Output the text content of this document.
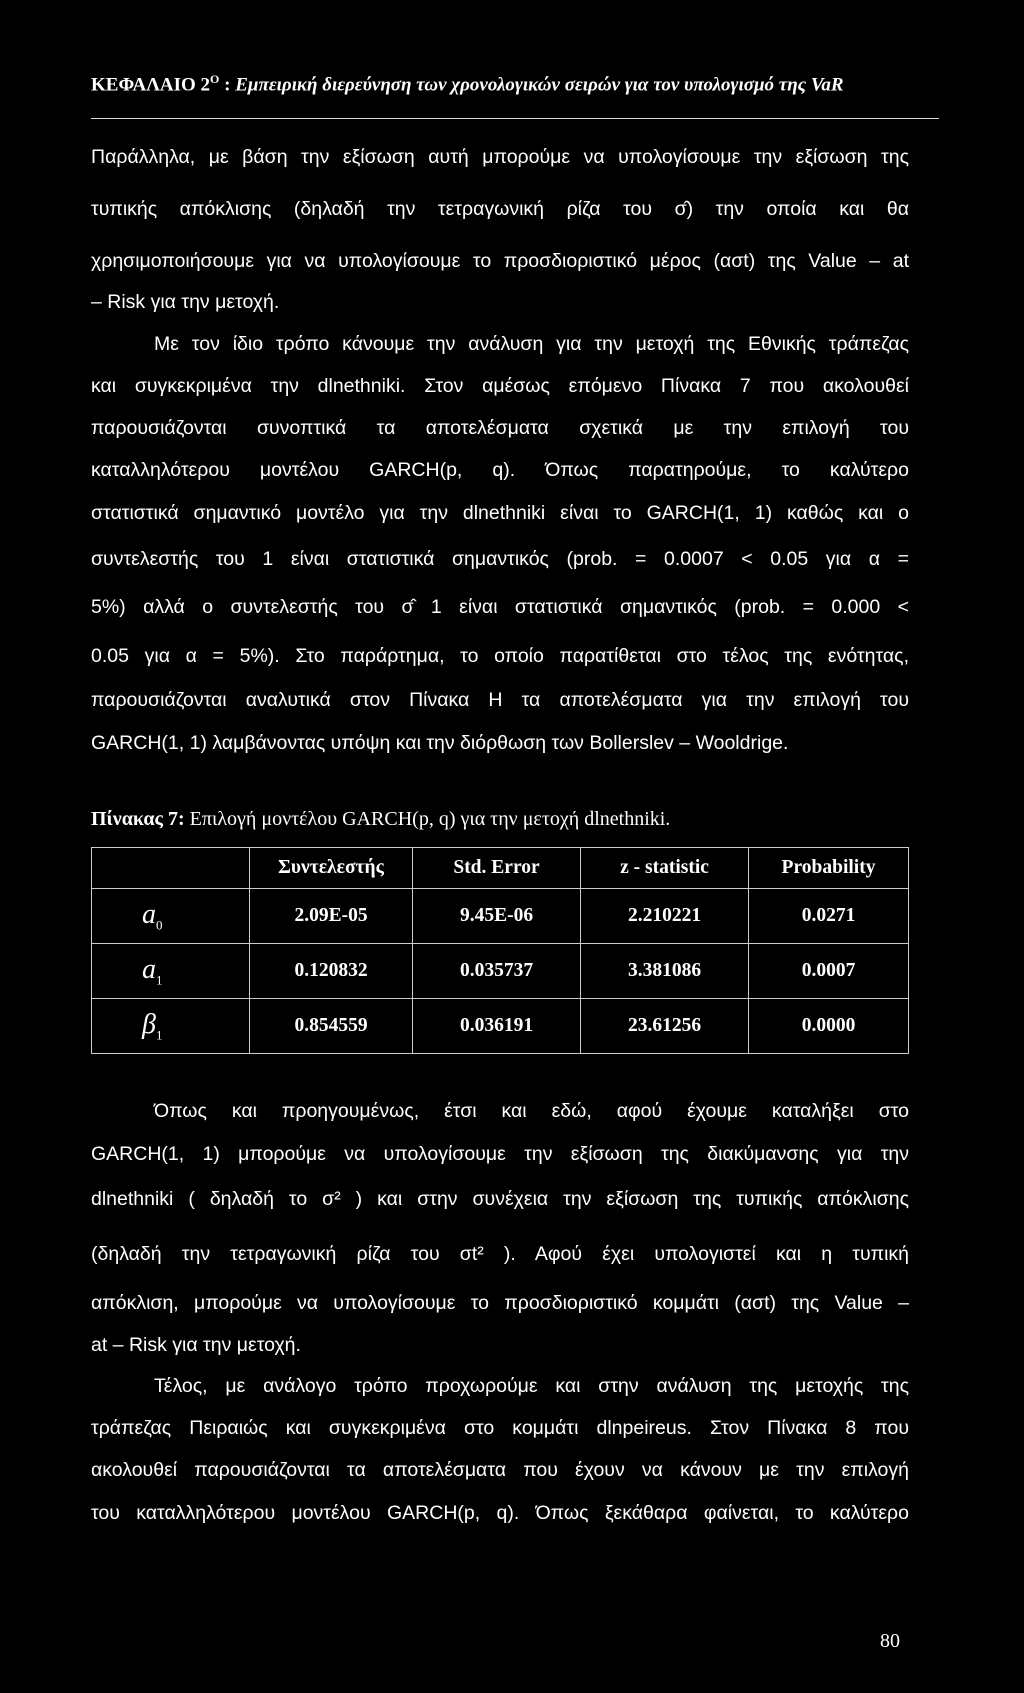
ΚΕΦΑΛΑΙΟ $2^O$ : Εμπειρική διερεύνηση των χρονολογικών σειρών για τον υπολογισμό της VaR
Παράλληλα, με βάση την εξίσωση αυτή μπορούμε να υπολογίσουμε την εξίσωση της
τυπικής απόκλισης (δηλαδή την τετραγωνική ρίζα του σ̂) την οποία και θα
χρησιμοποιήσουμε για να υπολογίσουμε το προσδιοριστικό μέρος (ασt) της Value – at
– Risk για την μετοχή.
Με τον ίδιο τρόπο κάνουμε την ανάλυση για την μετοχή της Εθνικής τράπεζας
και συγκεκριμένα την dlnethniki. Στον αμέσως επόμενο Πίνακα 7 που ακολουθεί
παρουσιάζονται συνοπτικά τα αποτελέσματα σχετικά με την επιλογή του
καταλληλότερου μοντέλου GARCH(p, q). Όπως παρατηρούμε, το καλύτερο
στατιστικά σημαντικό μοντέλο για την dlnethniki είναι το GARCH(1, 1) καθώς και ο
συντελεστής του 1 είναι στατιστικά σημαντικός (prob. = 0.0007 < 0.05 για α =
5%) αλλά ο συντελεστής του σ̂ 1 είναι στατιστικά σημαντικός (prob. = 0.000 <
0.05 για α = 5%). Στο παράρτημα, το οποίο παρατίθεται στο τέλος της ενότητας,
παρουσιάζονται αναλυτικά στον Πίνακα Η τα αποτελέσματα για την επιλογή του
GARCH(1, 1) λαμβάνοντας υπόψη και την διόρθωση των Bollerslev – Wooldrige.
Πίνακας 7: Επιλογή μοντέλου GARCH(p, q) για την μετοχή dlnethniki.
	Συντελεστής	Std. Error	z - statistic	Probability
$a_0$	2.09E-05	9.45E-06	2.210221	0.0271
$a_1$	0.120832	0.035737	3.381086	0.0007
$\beta_1$	0.854559	0.036191	23.61256	0.0000
Όπως και προηγουμένως, έτσι και εδώ, αφού έχουμε καταλήξει στο
GARCH(1, 1) μπορούμε να υπολογίσουμε την εξίσωση της διακύμανσης για την
dlnethniki ( δηλαδή το σ² ) και στην συνέχεια την εξίσωση της τυπικής απόκλισης
(δηλαδή την τετραγωνική ρίζα του σt² ). Αφού έχει υπολογιστεί και η τυπική
απόκλιση, μπορούμε να υπολογίσουμε το προσδιοριστικό κομμάτι (ασt) της Value –
at – Risk για την μετοχή.
Τέλος, με ανάλογο τρόπο προχωρούμε και στην ανάλυση της μετοχής της
τράπεζας Πειραιώς και συγκεκριμένα στο κομμάτι dlnpeireus. Στον Πίνακα 8 που
ακολουθεί παρουσιάζονται τα αποτελέσματα που έχουν να κάνουν με την επιλογή
του καταλληλότερου μοντέλου GARCH(p, q). Όπως ξεκάθαρα φαίνεται, το καλύτερο
80
